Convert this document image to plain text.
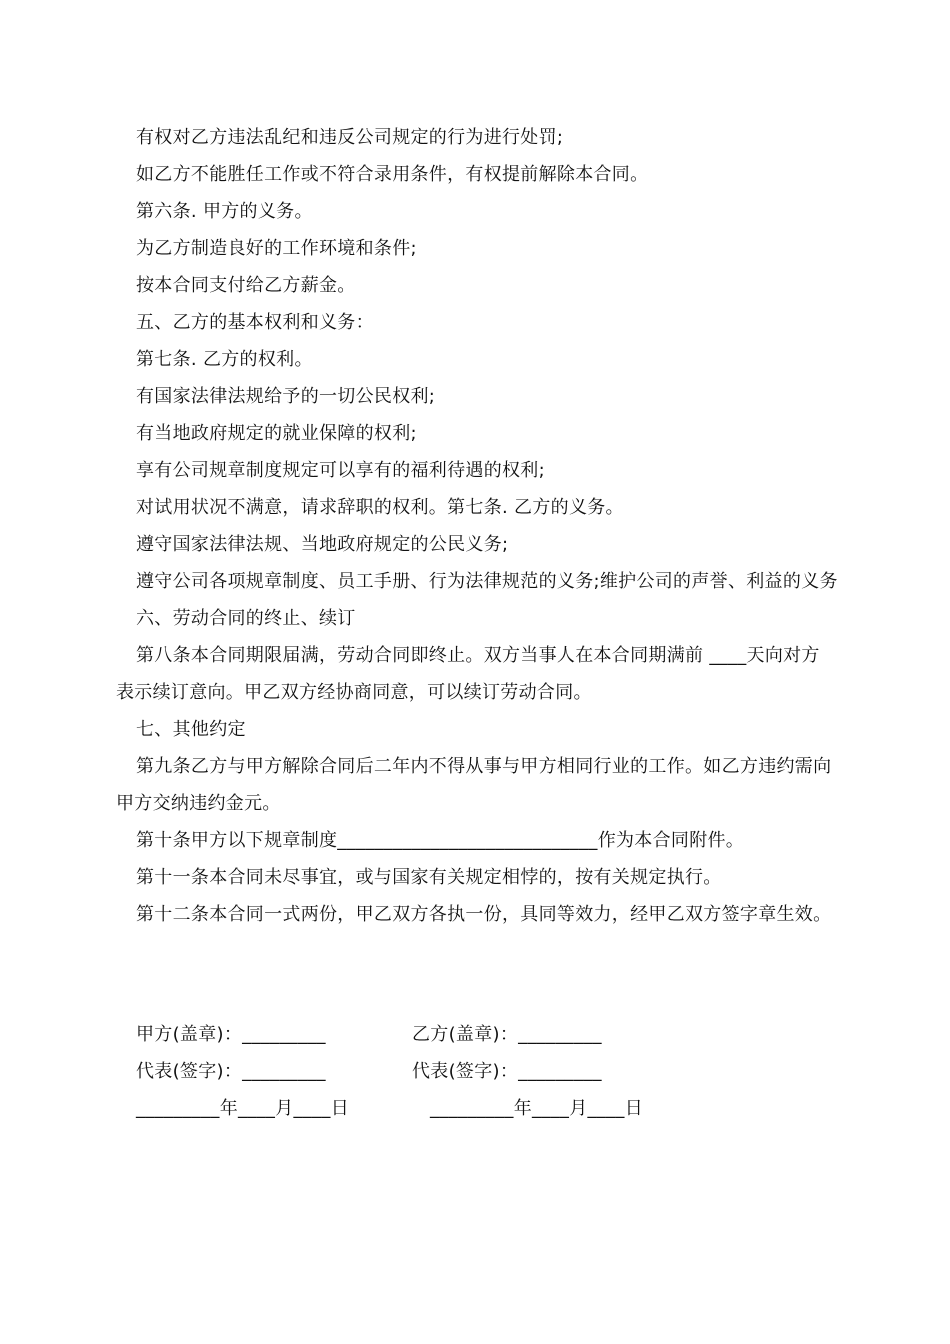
有权对乙方违法乱纪和违反公司规定的行为进行处罚;

如乙方不能胜任工作或不符合录用条件，有权提前解除本合同。

第六条. 甲方的义务。

为乙方制造良好的工作环境和条件;

按本合同支付给乙方薪金。

五、乙方的基本权利和义务：

第七条. 乙方的权利。

有国家法律法规给予的一切公民权利;

有当地政府规定的就业保障的权利;

享有公司规章制度规定可以享有的福利待遇的权利;

对试用状况不满意，请求辞职的权利。第七条. 乙方的义务。

遵守国家法律法规、当地政府规定的公民义务;

遵守公司各项规章制度、员工手册、行为法律规范的义务;维护公司的声誉、利益的义务

六、劳动合同的终止、续订

第八条本合同期限届满，劳动合同即终止。双方当事人在本合同期满前 ____天向对方表示续订意向。甲乙双方经协商同意，可以续订劳动合同。

七、其他约定

第九条乙方与甲方解除合同后二年内不得从事与甲方相同行业的工作。如乙方违约需向甲方交纳违约金元。

第十条甲方以下规章制度____________________________作为本合同附件。

第十一条本合同未尽事宜，或与国家有关规定相悖的，按有关规定执行。

第十二条本合同一式两份，甲乙双方各执一份，具同等效力，经甲乙双方签字章生效。

甲方(盖章)：_________	乙方(盖章)：_________
代表(签字)：_________	代表(签字)：_________
_________年____月____日	_________年____月____日
